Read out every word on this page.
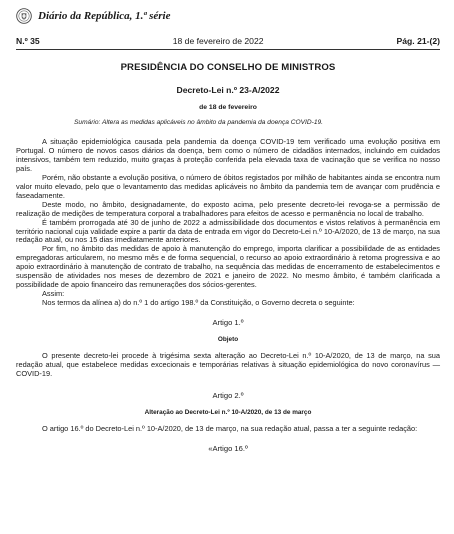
Diário da República, 1.ª série
N.º 35	18 de fevereiro de 2022	Pág. 21-(2)
PRESIDÊNCIA DO CONSELHO DE MINISTROS
Decreto-Lei n.º 23-A/2022
de 18 de fevereiro
Sumário: Altera as medidas aplicáveis no âmbito da pandemia da doença COVID-19.

A situação epidemiológica causada pela pandemia da doença COVID-19 tem verificado uma evolução positiva em Portugal. O número de novos casos diários da doença, bem como o número de cidadãos internados, incluindo em cuidados intensivos, também tem reduzido, muito graças à proteção conferida pela elevada taxa de vacinação que se verifica no nosso país.

Porém, não obstante a evolução positiva, o número de óbitos registados por milhão de habitantes ainda se encontra num valor muito elevado, pelo que o levantamento das medidas aplicáveis no âmbito da pandemia tem de avançar com prudência e faseadamente.

Deste modo, no âmbito, designadamente, do exposto acima, pelo presente decreto-lei revoga-se a permissão de realização de medições de temperatura corporal a trabalhadores para efeitos de acesso e permanência no local de trabalho.

É também prorrogada até 30 de junho de 2022 a admissibilidade dos documentos e vistos relativos à permanência em território nacional cuja validade expire a partir da data de entrada em vigor do Decreto-Lei n.º 10-A/2020, de 13 de março, na sua redação atual, ou nos 15 dias imediatamente anteriores.

Por fim, no âmbito das medidas de apoio à manutenção do emprego, importa clarificar a possibilidade de as entidades empregadoras articularem, no mesmo mês e de forma sequencial, o recurso ao apoio extraordinário à retoma progressiva e ao apoio extraordinário à manutenção de contrato de trabalho, na sequência das medidas de encerramento de estabelecimentos e suspensão de atividades nos meses de dezembro de 2021 e janeiro de 2022. No mesmo âmbito, é também clarificada a possibilidade de apoio financeiro das remunerações dos sócios-gerentes.

Assim:

Nos termos da alínea a) do n.º 1 do artigo 198.º da Constituição, o Governo decreta o seguinte:

Artigo 1.º
Objeto

O presente decreto-lei procede à trigésima sexta alteração ao Decreto-Lei n.º 10-A/2020, de 13 de março, na sua redação atual, que estabelece medidas excecionais e temporárias relativas à situação epidemiológica do novo coronavírus — COVID-19.

Artigo 2.º
Alteração ao Decreto-Lei n.º 10-A/2020, de 13 de março

O artigo 16.º do Decreto-Lei n.º 10-A/2020, de 13 de março, na sua redação atual, passa a ter a seguinte redação:

«Artigo 16.º
